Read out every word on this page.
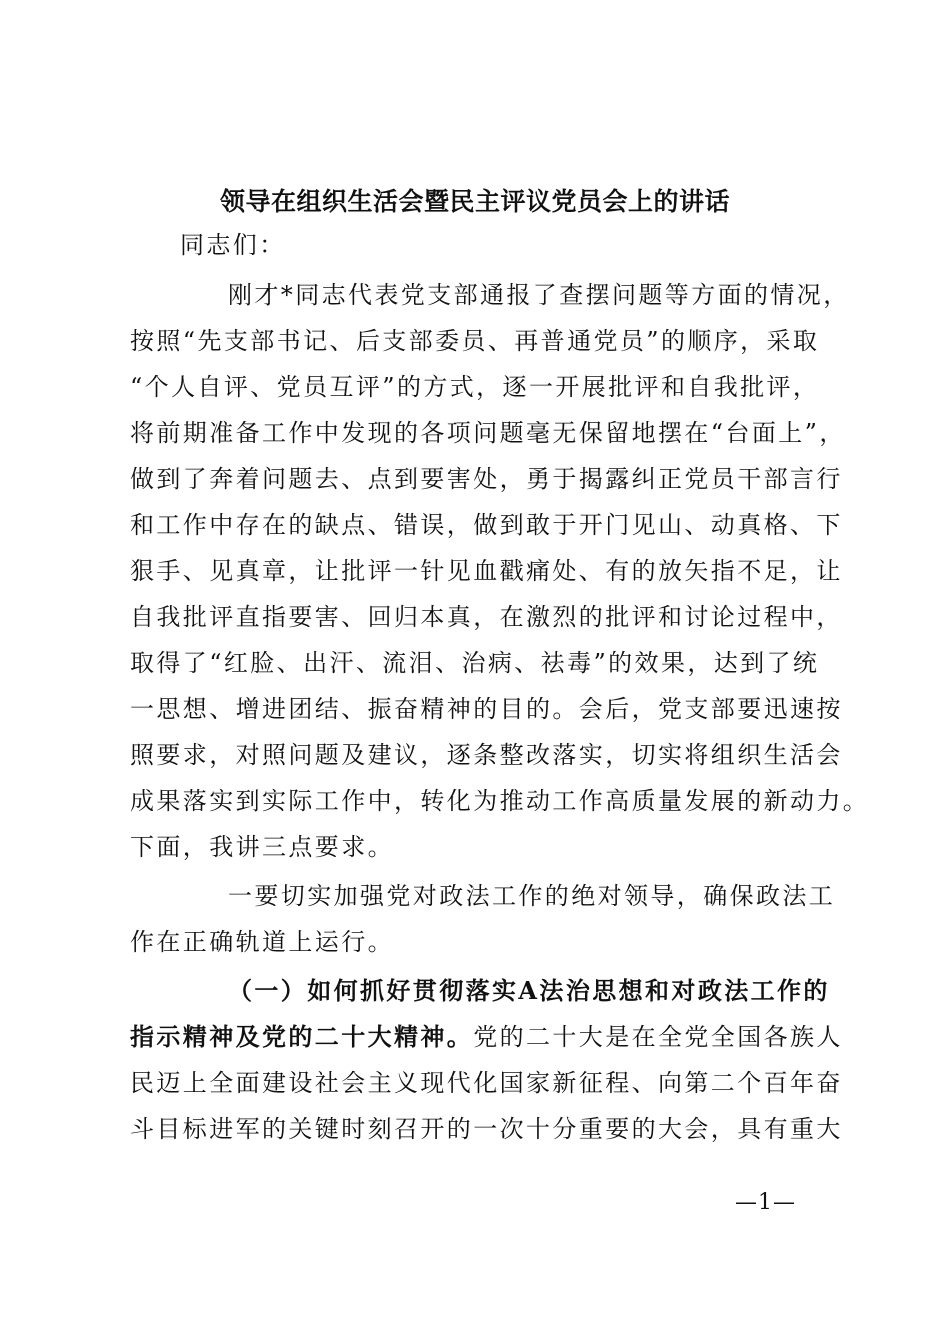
领导在组织生活会暨民主评议党员会上的讲话
同志们：
刚才*同志代表党支部通报了查摆问题等方面的情况，
按照“先支部书记、后支部委员、再普通党员”的顺序，采取
“个人自评、党员互评”的方式，逐一开展批评和自我批评，
将前期准备工作中发现的各项问题毫无保留地摆在“台面上”，
做到了奔着问题去、点到要害处，勇于揭露纠正党员干部言行
和工作中存在的缺点、错误，做到敢于开门见山、动真格、下
狠手、见真章，让批评一针见血戳痛处、有的放矢指不足，让
自我批评直指要害、回归本真，在激烈的批评和讨论过程中，
取得了“红脸、出汗、流泪、治病、祛毒”的效果，达到了统
一思想、增进团结、振奋精神的目的。会后，党支部要迅速按
照要求，对照问题及建议，逐条整改落实，切实将组织生活会
成果落实到实际工作中，转化为推动工作高质量发展的新动力。
下面，我讲三点要求。
一要切实加强党对政法工作的绝对领导，确保政法工
作在正确轨道上运行。
（一）如何抓好贯彻落实A法治思想和对政法工作的
指示精神及党的二十大精神。党的二十大是在全党全国各族人
民迈上全面建设社会主义现代化国家新征程、向第二个百年奋
斗目标进军的关键时刻召开的一次十分重要的大会，具有重大
—1—
